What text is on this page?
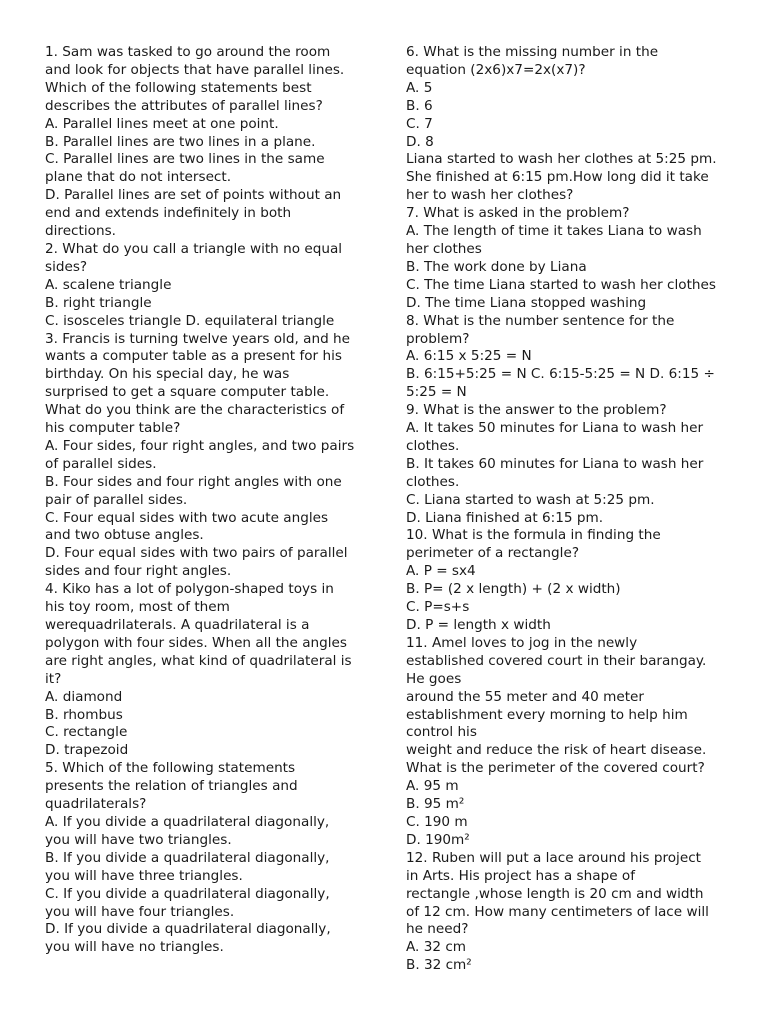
1. Sam was tasked to go around the room

and look for objects that have parallel lines.

Which of the following statements best

describes the attributes of parallel lines?

A. Parallel lines meet at one point.

B. Parallel lines are two lines in a plane.

C. Parallel lines are two lines in the same

plane that do not intersect.

D. Parallel lines are set of points without an

end and extends indefinitely in both

directions.

2. What do you call a triangle with no equal

sides?

A. scalene triangle

B. right triangle

C. isosceles triangle D. equilateral triangle

3. Francis is turning twelve years old, and he

wants a computer table as a present for his

birthday. On his special day, he was

surprised to get a square computer table.

What do you think are the characteristics of

his computer table?

A. Four sides, four right angles, and two pairs

of parallel sides.

B. Four sides and four right angles with one

pair of parallel sides.

C. Four equal sides with two acute angles

and two obtuse angles.

D. Four equal sides with two pairs of parallel

sides and four right angles.

4. Kiko has a lot of polygon-shaped toys in

his toy room, most of them

werequadrilaterals. A quadrilateral is a

polygon with four sides. When all the angles

are right angles, what kind of quadrilateral is

it?

A. diamond

B. rhombus

C. rectangle

D. trapezoid

5. Which of the following statements

presents the relation of triangles and

quadrilaterals?

A. If you divide a quadrilateral diagonally,

you will have two triangles.

B. If you divide a quadrilateral diagonally,

you will have three triangles.

C. If you divide a quadrilateral diagonally,

you will have four triangles.

D. If you divide a quadrilateral diagonally,

you will have no triangles.

6. What is the missing number in the

equation (2x6)x7=2x(x7)?

A. 5

B. 6

C. 7

D. 8

Liana started to wash her clothes at 5:25 pm.

She finished at 6:15 pm.How long did it take

her to wash her clothes?

7. What is asked in the problem?

A. The length of time it takes Liana to wash

her clothes

B. The work done by Liana

C. The time Liana started to wash her clothes

D. The time Liana stopped washing

8. What is the number sentence for the

problem?

A. 6:15 x 5:25 = N

B. 6:15+5:25 = N C. 6:15-5:25 = N D. 6:15 ÷

5:25 = N

9. What is the answer to the problem?

A. It takes 50 minutes for Liana to wash her

clothes.

B. It takes 60 minutes for Liana to wash her

clothes.

C. Liana started to wash at 5:25 pm.

D. Liana finished at 6:15 pm.

10. What is the formula in finding the

perimeter of a rectangle?

A. P = sx4

B. P= (2 x length) + (2 x width)

C. P=s+s

D. P = length x width

11. Amel loves to jog in the newly

established covered court in their barangay.

He goes

around the 55 meter and 40 meter

establishment every morning to help him

control his

weight and reduce the risk of heart disease.

What is the perimeter of the covered court?

A. 95 m

B. 95 m²

C. 190 m

D. 190m²

12. Ruben will put a lace around his project

in Arts. His project has a shape of

rectangle ,whose length is 20 cm and width

of 12 cm. How many centimeters of lace will

he need?

A. 32 cm

B. 32 cm²
